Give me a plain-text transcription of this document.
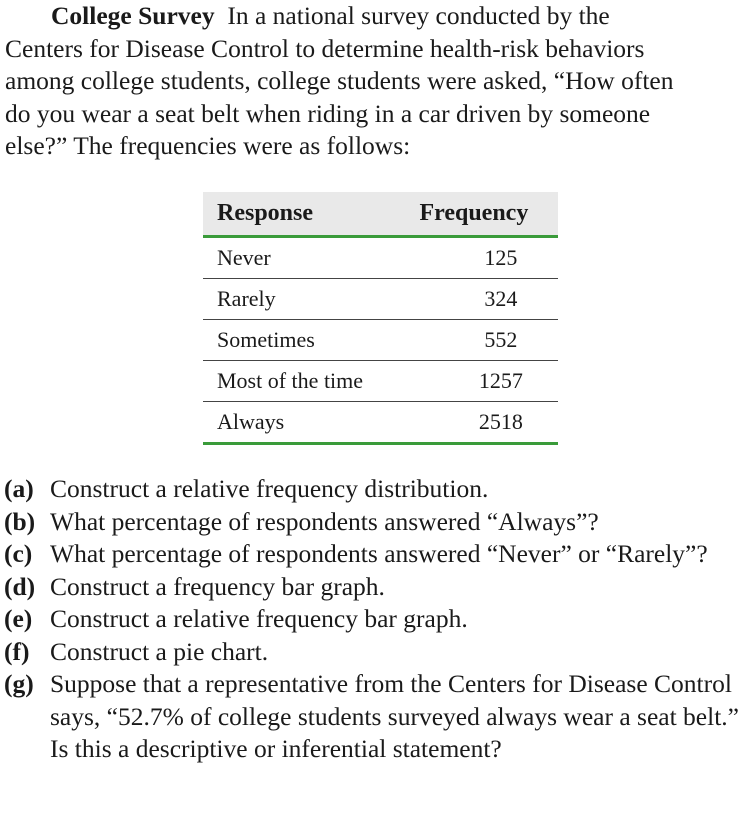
College Survey In a national survey conducted by the
Centers for Disease Control to determine health-risk behaviors
among college students, college students were asked, “How often
do you wear a seat belt when riding in a car driven by someone
else?” The frequencies were as follows:
Response	Frequency
Never	125
Rarely	324
Sometimes	552
Most of the time	1257
Always	2518
(a) Construct a relative frequency distribution.
(b) What percentage of respondents answered “Always”?
(c) What percentage of respondents answered “Never” or “Rarely”?
(d) Construct a frequency bar graph.
(e) Construct a relative frequency bar graph.
(f) Construct a pie chart.
(g) Suppose that a representative from the Centers for Disease Control says, “52.7% of college students surveyed always wear a seat belt.” Is this a descriptive or inferential statement?
